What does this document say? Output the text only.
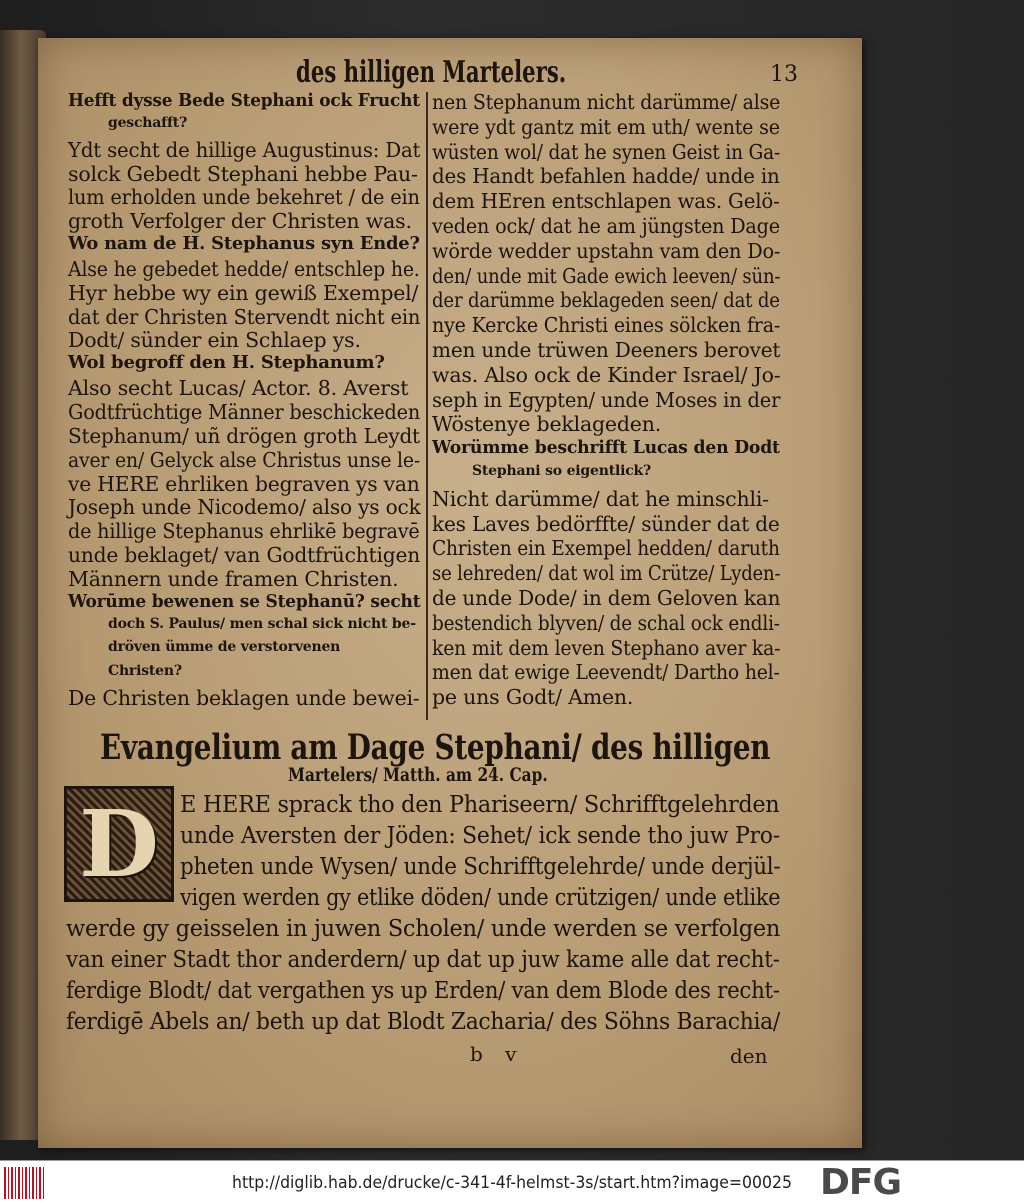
des hilligen Martelers.	13
Hefft dysse Bede Stephani ock Frucht
geschafft?
Ydt secht de hillige Augustinus: Dat
solck Gebedt Stephani hebbe Pau-
lum erholden unde bekehret / de ein
groth Verfolger der Christen was.
Wo nam de H. Stephanus syn Ende?
Alse he gebedet hedde/ entschlep he.
Hyr hebbe wy ein gewiß Exempel/
dat der Christen Stervendt nicht ein
Dodt/ sünder ein Schlaep ys.
Wol begroff den H. Stephanum?
Also secht Lucas/ Actor. 8. Averst
Godtfrüchtige Männer beschickeden
Stephanum/ uñ drögen groth Leydt
aver en/ Gelyck alse Christus unse le-
ve HERE ehrliken begraven ys van
Joseph unde Nicodemo/ also ys ock
de hillige Stephanus ehrlikē begravē
unde beklaget/ van Godtfrüchtigen
Männern unde framen Christen.
Worūme bewenen se Stephanū? secht
doch S. Paulus/ men schal sick nicht be-
dröven ümme de verstorvenen
Christen?
De Christen beklagen unde bewei-
nen Stephanum nicht darümme/ alse
were ydt gantz mit em uth/ wente se
wüsten wol/ dat he synen Geist in Ga-
des Handt befahlen hadde/ unde in
dem HEren entschlapen was. Gelö-
veden ock/ dat he am jüngsten Dage
wörde wedder upstahn vam den Do-
den/ unde mit Gade ewich leeven/ sün-
der darümme beklageden seen/ dat de
nye Kercke Christi eines sölcken fra-
men unde trüwen Deeners berovet
was. Also ock de Kinder Israel/ Jo-
seph in Egypten/ unde Moses in der
Wöstenye beklageden.
Worümme beschrifft Lucas den Dodt
Stephani so eigentlick?
Nicht darümme/ dat he minschli-
kes Laves bedörffte/ sünder dat de
Christen ein Exempel hedden/ daruth
se lehreden/ dat wol im Crütze/ Lyden-
de unde Dode/ in dem Geloven kan
bestendich blyven/ de schal ock endli-
ken mit dem leven Stephano aver ka-
men dat ewige Leevendt/ Dartho hel-
pe uns Godt/ Amen.
Evangelium am Dage Stephani/ des hilligen
Martelers/ Matth. am 24. Cap.
D E HERE sprack tho den Phariseern/ Schrifftgelehrden
unde Aversten der Jöden: Sehet/ ick sende tho juw Pro-
pheten unde Wysen/ unde Schrifftgelehrde/ unde derjül-
vigen werden gy etlike döden/ unde crützigen/ unde etlike
werde gy geisselen in juwen Scholen/ unde werden se verfolgen
van einer Stadt thor anderdern/ up dat up juw kame alle dat recht-
ferdige Blodt/ dat vergathen ys up Erden/ van dem Blode des recht-
ferdigē Abels an/ beth up dat Blodt Zacharia/ des Söhns Barachia/
b v	den
http://diglib.hab.de/drucke/c-341-4f-helmst-3s/start.htm?image=00025 DFG
